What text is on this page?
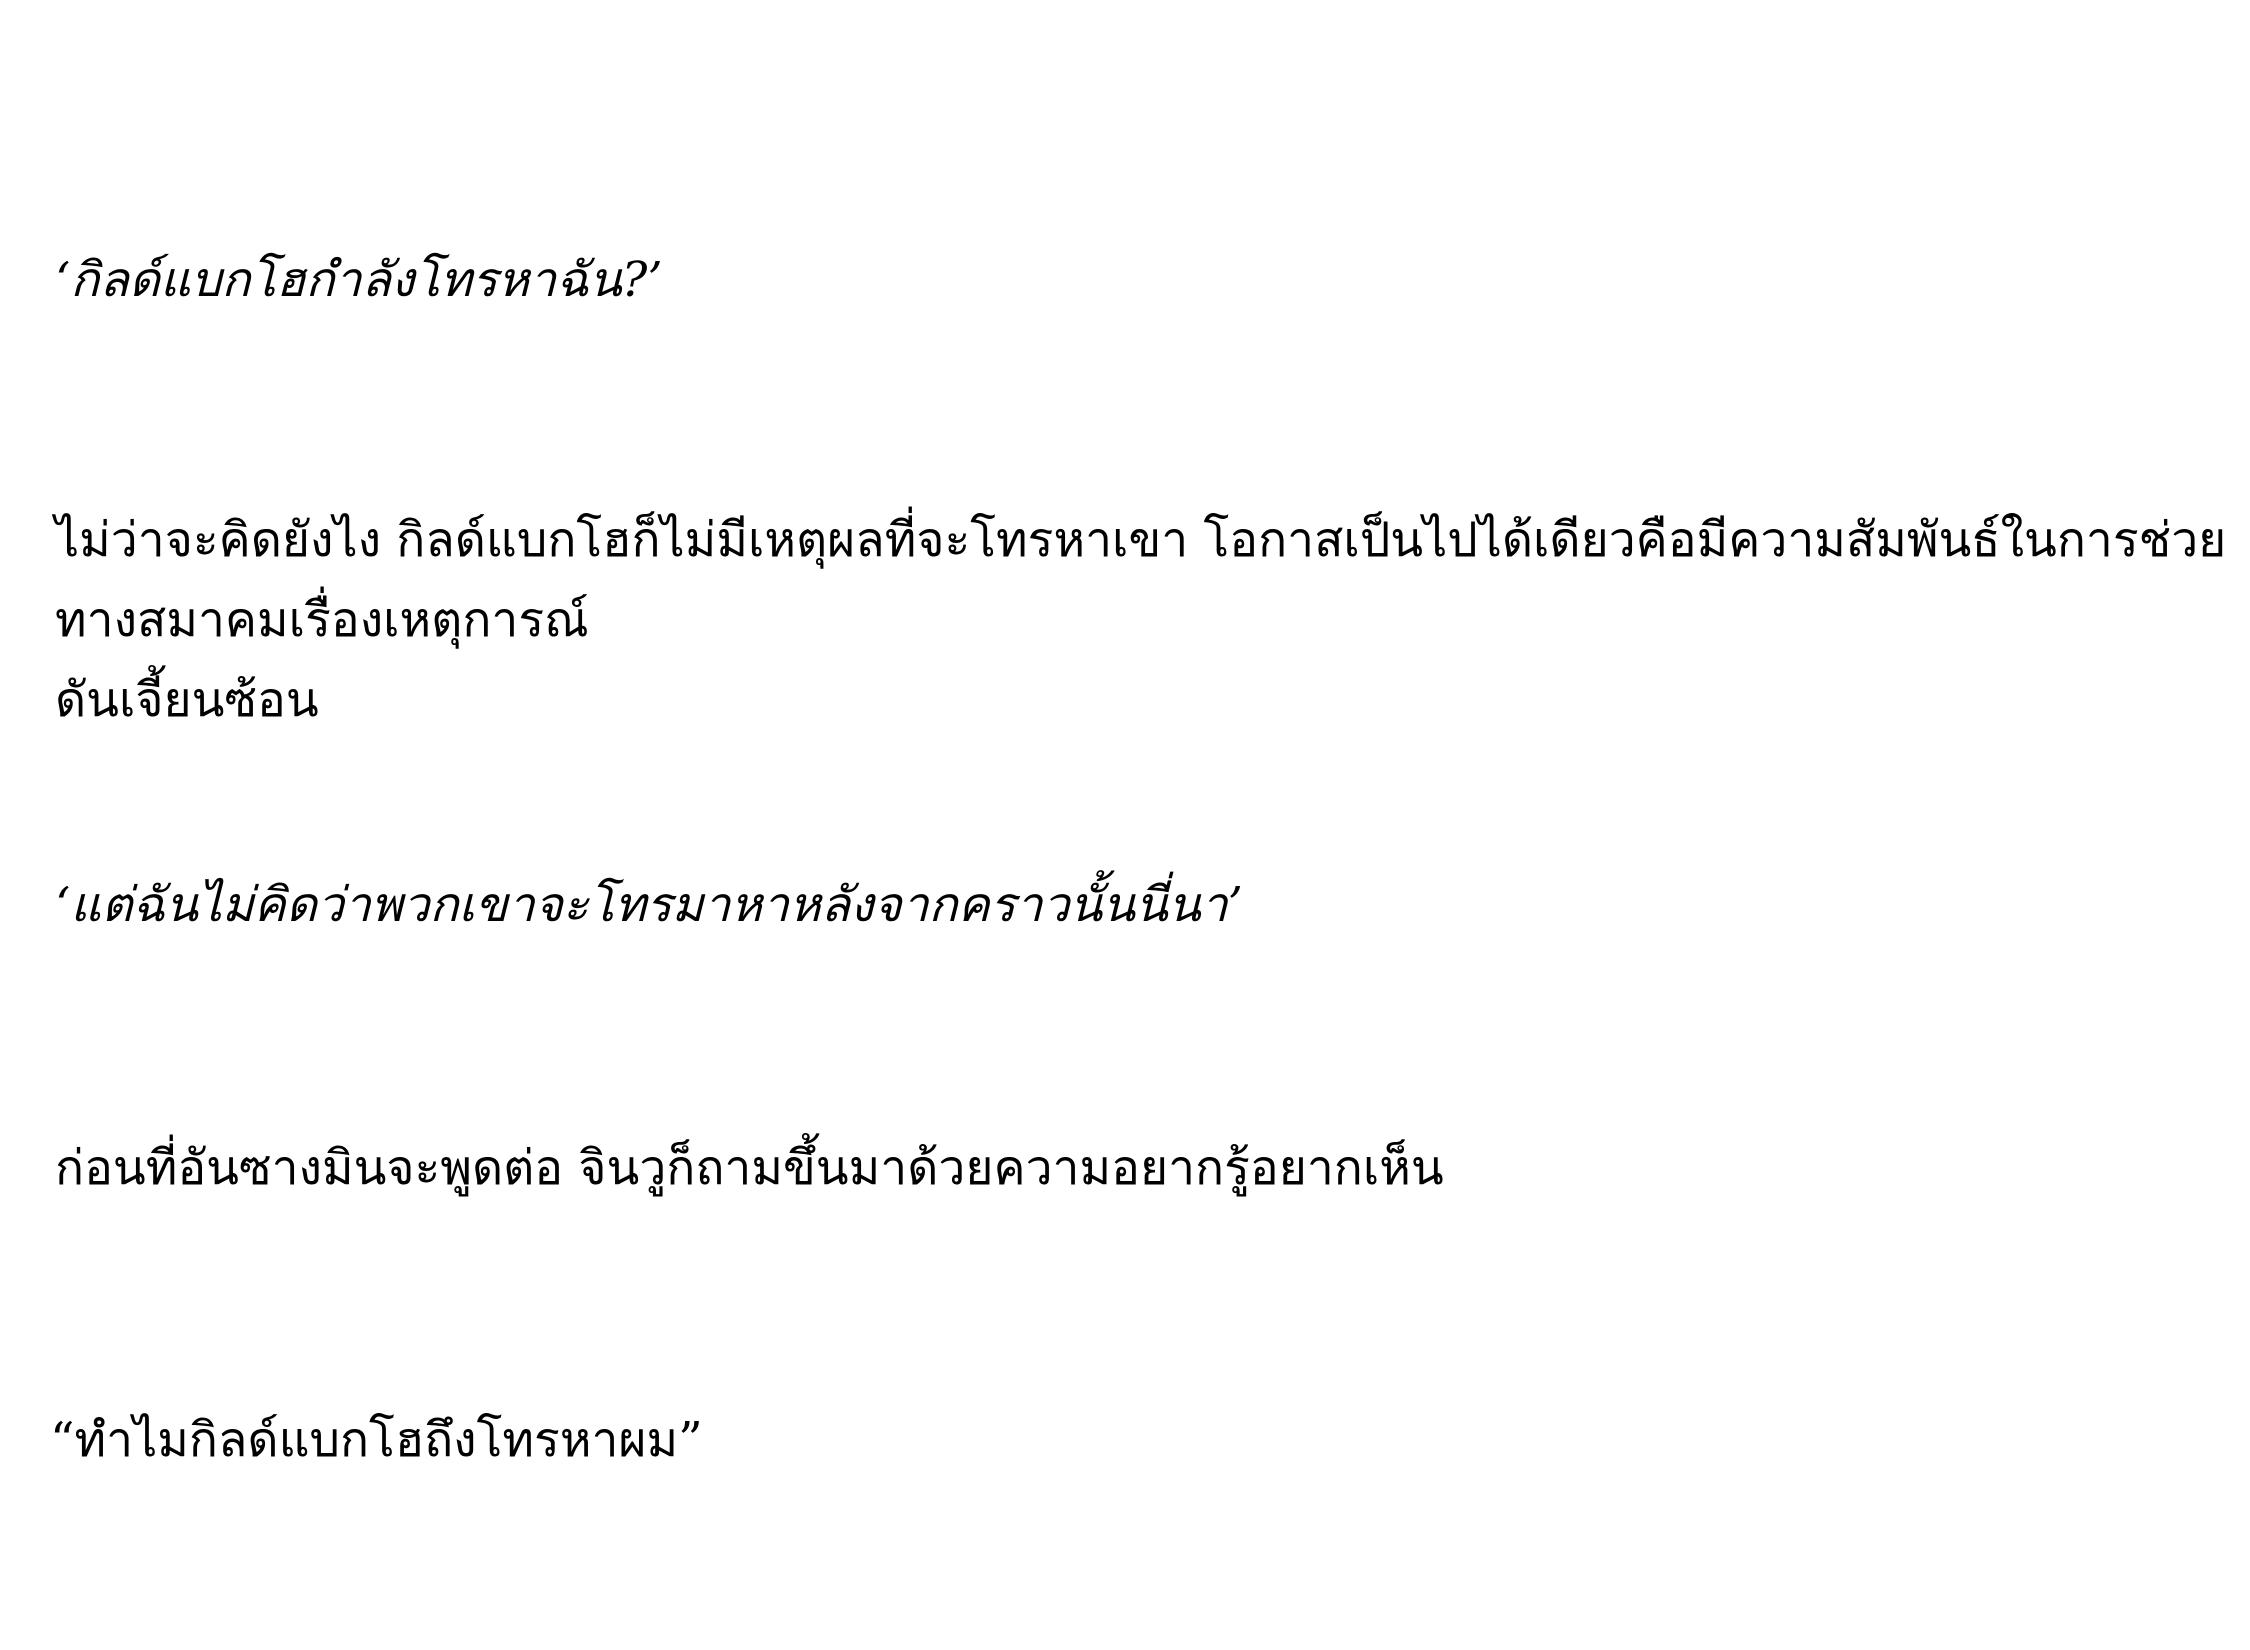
‘กิลด์แบกโฮกำลังโทรหาฉัน?’
ไม่ว่าจะคิดยังไง กิลด์แบกโฮก็ไม่มีเหตุผลที่จะโทรหาเขา โอกาสเป็นไปได้เดียวคือมีความสัมพันธ์ในการช่วยทางสมาคมเรื่องเหตุการณ์
ดันเจี้ยนซ้อน
‘แต่ฉันไม่คิดว่าพวกเขาจะโทรมาหาหลังจากคราวนั้นนี่นา’
ก่อนที่อันซางมินจะพูดต่อ จินวูก็ถามขึ้นมาด้วยความอยากรู้อยากเห็น
“ทำไมกิลด์แบกโฮถึงโทรหาผม”
